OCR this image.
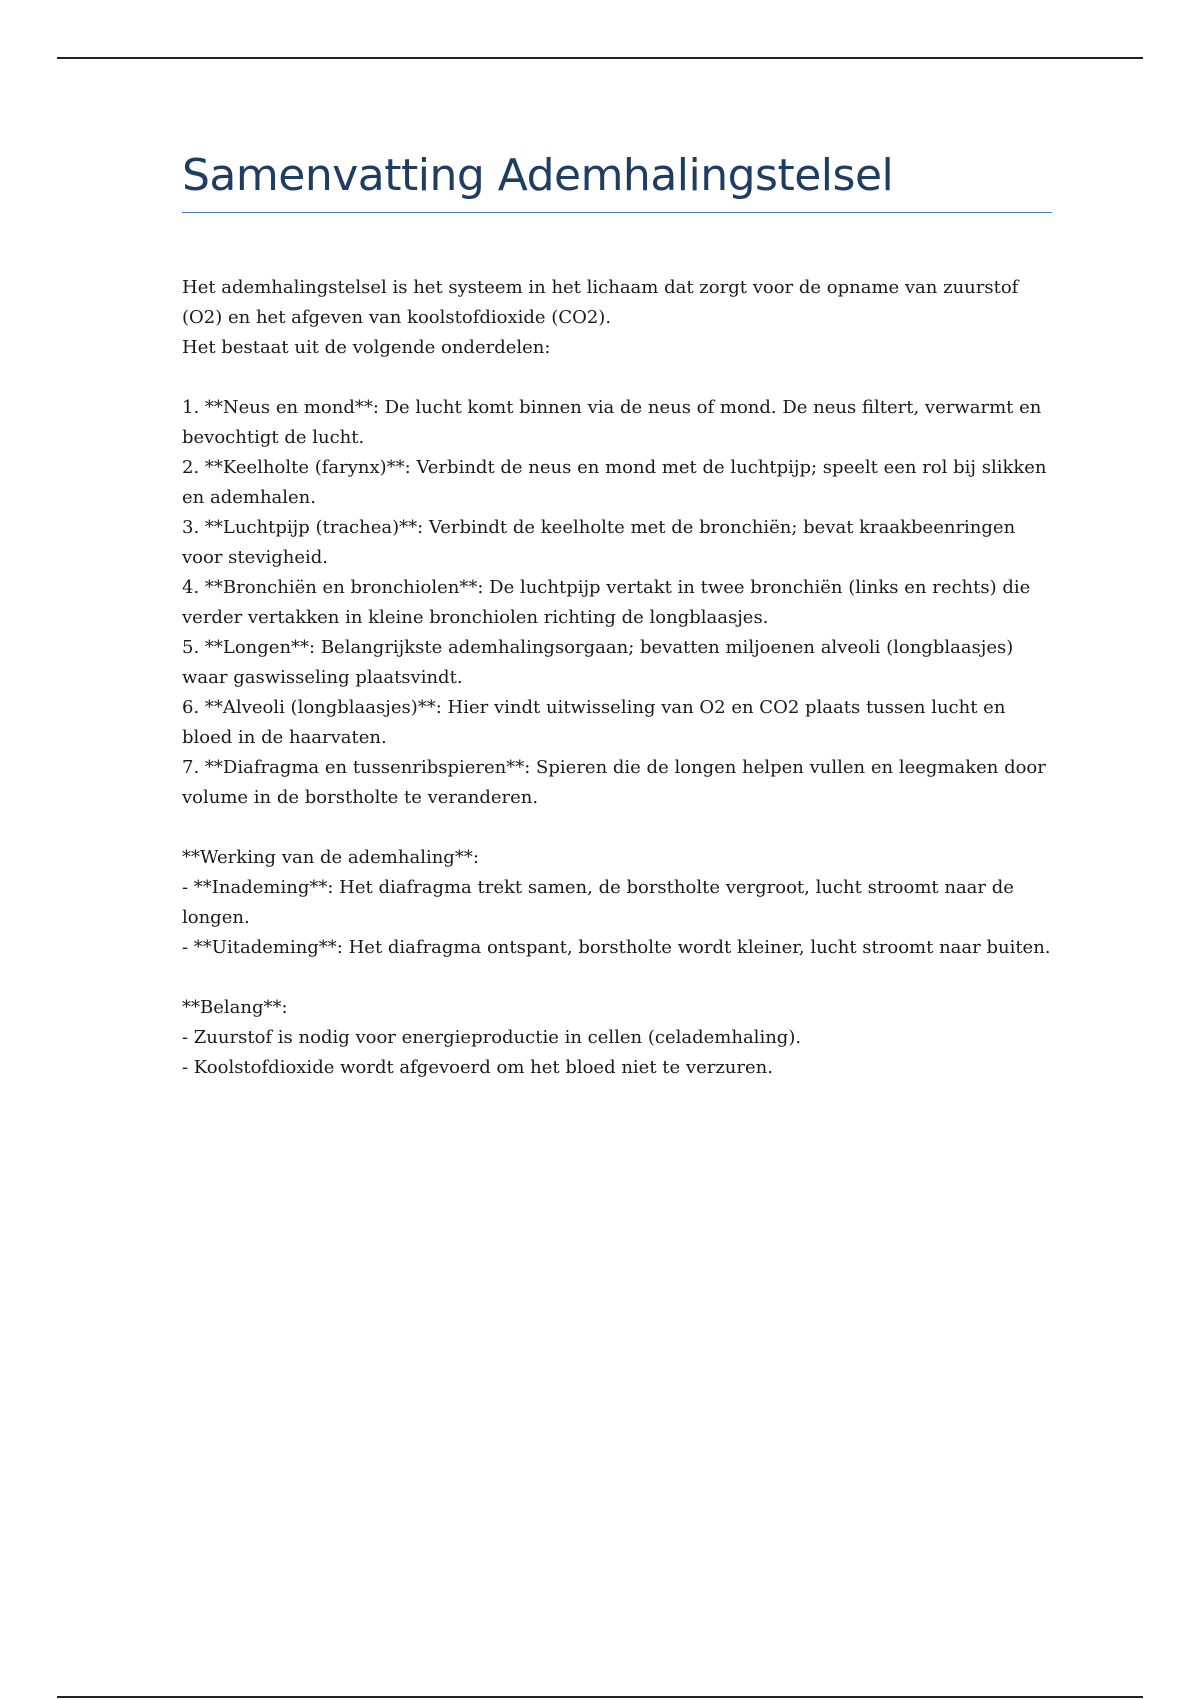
Samenvatting Ademhalingstelsel

Het ademhalingstelsel is het systeem in het lichaam dat zorgt voor de opname van zuurstof (O2) en het afgeven van koolstofdioxide (CO2).

Het bestaat uit de volgende onderdelen:

1. **Neus en mond**: De lucht komt binnen via de neus of mond. De neus filtert, verwarmt en bevochtigt de lucht.

2. **Keelholte (farynx)**: Verbindt de neus en mond met de luchtpijp; speelt een rol bij slikken en ademhalen.

3. **Luchtpijp (trachea)**: Verbindt de keelholte met de bronchiën; bevat kraakbeenringen voor stevigheid.

4. **Bronchiën en bronchiolen**: De luchtpijp vertakt in twee bronchiën (links en rechts) die verder vertakken in kleine bronchiolen richting de longblaasjes.

5. **Longen**: Belangrijkste ademhalingsorgaan; bevatten miljoenen alveoli (longblaasjes) waar gaswisseling plaatsvindt.

6. **Alveoli (longblaasjes)**: Hier vindt uitwisseling van O2 en CO2 plaats tussen lucht en bloed in de haarvaten.

7. **Diafragma en tussenribspieren**: Spieren die de longen helpen vullen en leegmaken door volume in de borstholte te veranderen.

**Werking van de ademhaling**:

- **Inademing**: Het diafragma trekt samen, de borstholte vergroot, lucht stroomt naar de longen.

- **Uitademing**: Het diafragma ontspant, borstholte wordt kleiner, lucht stroomt naar buiten.

**Belang**:

- Zuurstof is nodig voor energieproductie in cellen (celademhaling).

- Koolstofdioxide wordt afgevoerd om het bloed niet te verzuren.
